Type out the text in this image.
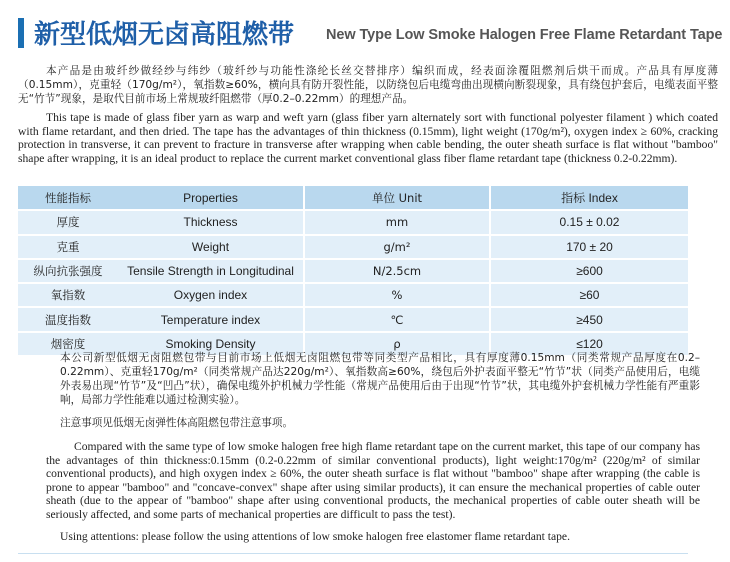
新型低烟无卤高阻燃带 New Type Low Smoke Halogen Free Flame Retardant Tape

本产品是由玻纤纱做经纱与纬纱（玻纤纱与功能性涤纶长丝交替排序）编织而成，经表面涂覆阻燃剂后烘干而成。产品具有厚度薄（0.15mm），克重轻（170g/m²），氧指数≥60%，横向具有防开裂性能，以防绕包后电缆弯曲出现横向断裂现象，具有绕包护套后，电缆表面平整无“竹节”现象，是取代目前市场上常规玻纤阻燃带（厚0.2–0.22mm）的理想产品。

This tape is made of glass fiber yarn as warp and weft yarn (glass fiber yarn alternately sort with functional polyester filament ) which coated with flame retardant, and then dried. The tape has the advantages of thin thickness (0.15mm), light weight (170g/m²), oxygen index ≥ 60%, cracking protection in transverse, it can prevent to fracture in transverse after wrapping when cable bending, the outer sheath surface is flat without "bamboo" shape after wrapping, it is an ideal product to replace the current market conventional glass fiber flame retardant tape (thickness 0.2-0.22mm).

性能指标	Properties	单位 Unit	指标 Index
厚度	Thickness	mm	0.15 ± 0.02
克重	Weight	g/m²	170 ± 20
纵向抗张强度	Tensile Strength in Longitudinal	N/2.5cm	≥600
氧指数	Oxygen index	%	≥60
温度指数	Temperature index	℃	≥450
烟密度	Smoking Density	ρ	≤120

本公司新型低烟无卤阻燃包带与目前市场上低烟无卤阻燃包带等同类型产品相比，具有厚度薄0.15mm（同类常规产品厚度在0.2–0.22mm）、克重轻170g/m²（同类常规产品达220g/m²）、氧指数高≥60%，绕包后外护表面平整无“竹节”状（同类产品使用后，电缆外表易出现“竹节”及“凹凸”状），确保电缆外护机械力学性能（常规产品使用后由于出现“竹节”状，其电缆外护套机械力学性能有严重影响，局部力学性能难以通过检测实验）。

注意事项见低烟无卤弹性体高阻燃包带注意事项。

Compared with the same type of low smoke halogen free high flame retardant tape on the current market, this tape of our company has the advantages of thin thickness:0.15mm (0.2-0.22mm of similar conventional products), light weight:170g/m² (220g/m² of similar conventional products), and high oxygen index ≥ 60%, the outer sheath surface is flat without "bamboo" shape after wrapping (the cable is prone to appear "bamboo" and "concave-convex" shape after using similar products), it can ensure the mechanical properties of cable outer sheath (due to the appear of "bamboo" shape after using conventional products, the mechanical properties of cable outer sheath will be seriously affected, and some parts of mechanical properties are difficult to pass the test).

Using attentions: please follow the using attentions of low smoke halogen free elastomer flame retardant tape.
